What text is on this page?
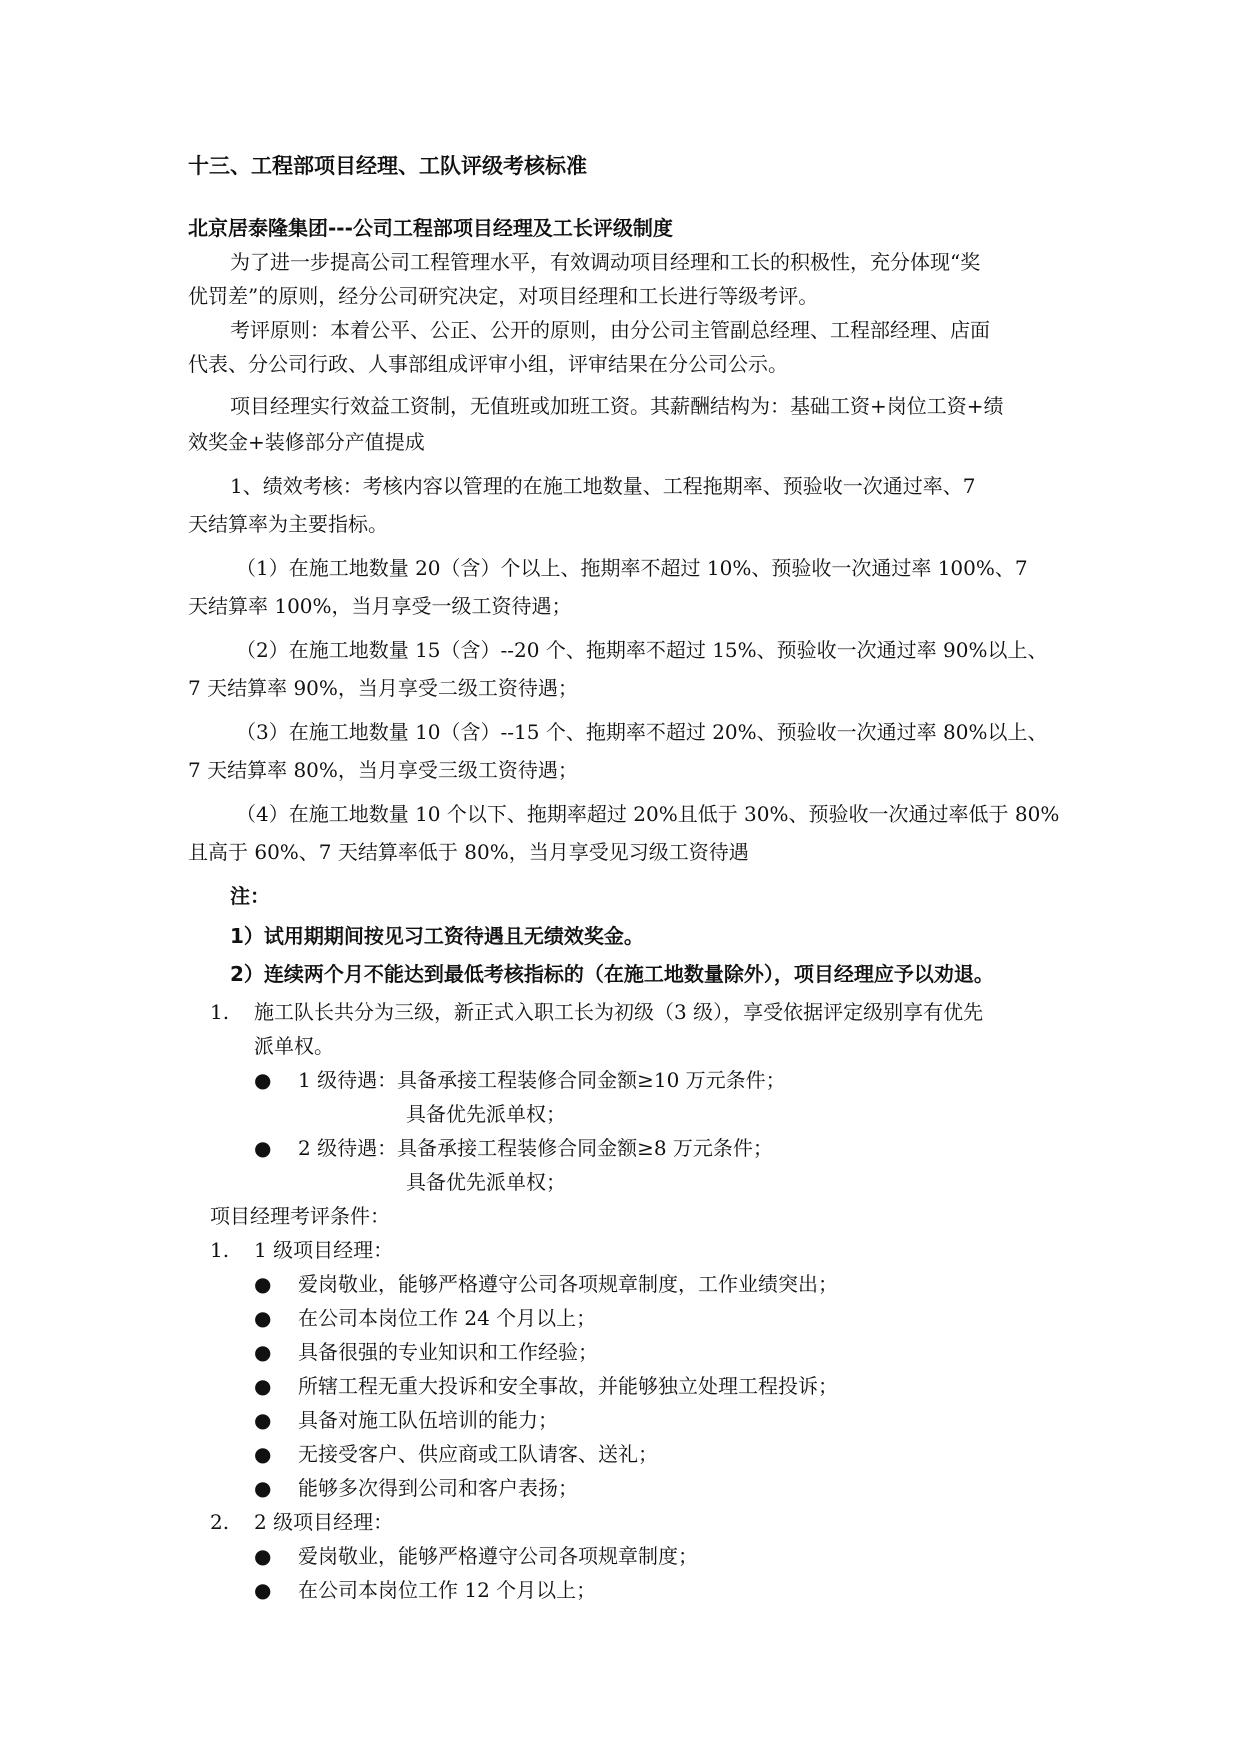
十三、工程部项目经理、工队评级考核标准
北京居泰隆集团---公司工程部项目经理及工长评级制度
为了进一步提高公司工程管理水平，有效调动项目经理和工长的积极性，充分体现“奖
优罚差”的原则，经分公司研究决定，对项目经理和工长进行等级考评。
考评原则：本着公平、公正、公开的原则，由分公司主管副总经理、工程部经理、店面
代表、分公司行政、人事部组成评审小组，评审结果在分公司公示。
项目经理实行效益工资制，无值班或加班工资。其薪酬结构为：基础工资+岗位工资+绩
效奖金+装修部分产值提成
1、绩效考核：考核内容以管理的在施工地数量、工程拖期率、预验收一次通过率、7
天结算率为主要指标。
（1）在施工地数量 20（含）个以上、拖期率不超过 10%、预验收一次通过率 100%、7
天结算率 100%，当月享受一级工资待遇；
（2）在施工地数量 15（含）--20 个、拖期率不超过 15%、预验收一次通过率 90%以上、
7 天结算率 90%，当月享受二级工资待遇；
（3）在施工地数量 10（含）--15 个、拖期率不超过 20%、预验收一次通过率 80%以上、
7 天结算率 80%，当月享受三级工资待遇；
（4）在施工地数量 10 个以下、拖期率超过 20%且低于 30%、预验收一次通过率低于 80%
且高于 60%、7 天结算率低于 80%，当月享受见习级工资待遇
注：
1）试用期期间按见习工资待遇且无绩效奖金。
2）连续两个月不能达到最低考核指标的（在施工地数量除外），项目经理应予以劝退。
1. 施工队长共分为三级，新正式入职工长为初级（3 级），享受依据评定级别享有优先
派单权。
● 1 级待遇：具备承接工程装修合同金额≥10 万元条件；
具备优先派单权；
● 2 级待遇：具备承接工程装修合同金额≥8 万元条件；
具备优先派单权；
项目经理考评条件：
1. 1 级项目经理：
● 爱岗敬业，能够严格遵守公司各项规章制度，工作业绩突出；
● 在公司本岗位工作 24 个月以上；
● 具备很强的专业知识和工作经验；
● 所辖工程无重大投诉和安全事故，并能够独立处理工程投诉；
● 具备对施工队伍培训的能力；
● 无接受客户、供应商或工队请客、送礼；
● 能够多次得到公司和客户表扬；
2. 2 级项目经理：
● 爱岗敬业，能够严格遵守公司各项规章制度；
● 在公司本岗位工作 12 个月以上；
